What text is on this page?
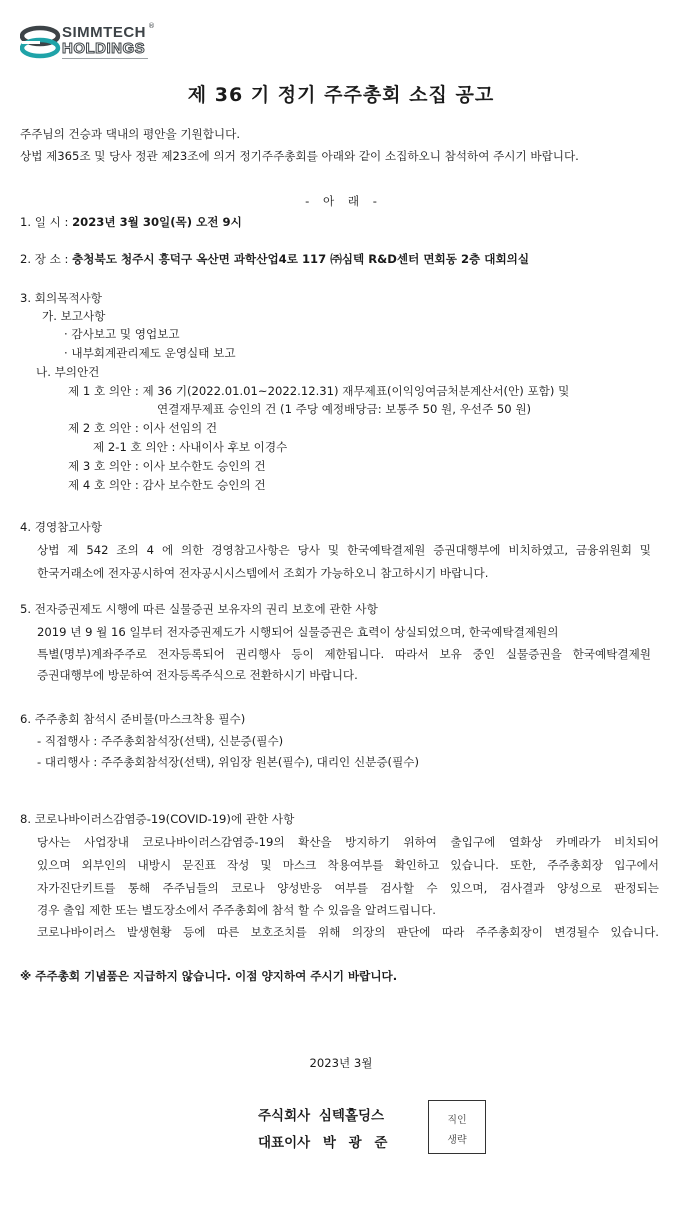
SIMMTECH ®
HOLDINGS
제 36 기 정기 주주총회 소집 공고
주주님의 건승과 댁내의 평안을 기원합니다.
상법 제365조 및 당사 정관 제23조에 의거 정기주주총회를 아래와 같이 소집하오니 참석하여 주시기 바랍니다.
- 아 래 -
1. 일 시 : 2023년 3월 30일(목) 오전 9시
2. 장 소 : 충청북도 청주시 흥덕구 옥산면 과학산업4로 117 ㈜심텍 R&D센터 면회동 2층 대회의실
3. 회의목적사항
가. 보고사항
· 감사보고 및 영업보고
· 내부회계관리제도 운영실태 보고
나. 부의안건
제 1 호 의안 : 제 36 기(2022.01.01~2022.12.31) 재무제표(이익잉여금처분계산서(안) 포함) 및
연결재무제표 승인의 건 (1 주당 예정배당금: 보통주 50 원, 우선주 50 원)
제 2 호 의안 : 이사 선임의 건
제 2-1 호 의안 : 사내이사 후보 이경수
제 3 호 의안 : 이사 보수한도 승인의 건
제 4 호 의안 : 감사 보수한도 승인의 건
4. 경영참고사항
상법 제 542 조의 4 에 의한 경영참고사항은 당사 및 한국예탁결제원 증권대행부에 비치하였고, 금융위원회 및
한국거래소에 전자공시하여 전자공시시스템에서 조회가 가능하오니 참고하시기 바랍니다.
5. 전자증권제도 시행에 따른 실물증권 보유자의 권리 보호에 관한 사항
2019 년 9 월 16 일부터 전자증권제도가 시행되어 실물증권은 효력이 상실되었으며, 한국예탁결제원의
특별(명부)계좌주주로 전자등록되어 권리행사 등이 제한됩니다. 따라서 보유 중인 실물증권을 한국예탁결제원
증권대행부에 방문하여 전자등록주식으로 전환하시기 바랍니다.
6. 주주총회 참석시 준비물(마스크착용 필수)
- 직접행사 : 주주총회참석장(선택), 신분증(필수)
- 대리행사 : 주주총회참석장(선택), 위임장 원본(필수), 대리인 신분증(필수)
8. 코로나바이러스감염증-19(COVID-19)에 관한 사항
당사는 사업장내 코로나바이러스감염증-19의 확산을 방지하기 위하여 출입구에 열화상 카메라가 비치되어
있으며 외부인의 내방시 문진표 작성 및 마스크 착용여부를 확인하고 있습니다. 또한, 주주총회장 입구에서
자가진단키트를 통해 주주님들의 코로나 양성반응 여부를 검사할 수 있으며, 검사결과 양성으로 판정되는
경우 출입 제한 또는 별도장소에서 주주총회에 참석 할 수 있음을 알려드립니다.
코로나바이러스 발생현황 등에 따른 보호조치를 위해 의장의 판단에 따라 주주총회장이 변경될수 있습니다.
※ 주주총회 기념품은 지급하지 않습니다. 이점 양지하여 주시기 바랍니다.
2023년 3월
주식회사 심텍홀딩스
대표이사 박 광 준
직인
생략
